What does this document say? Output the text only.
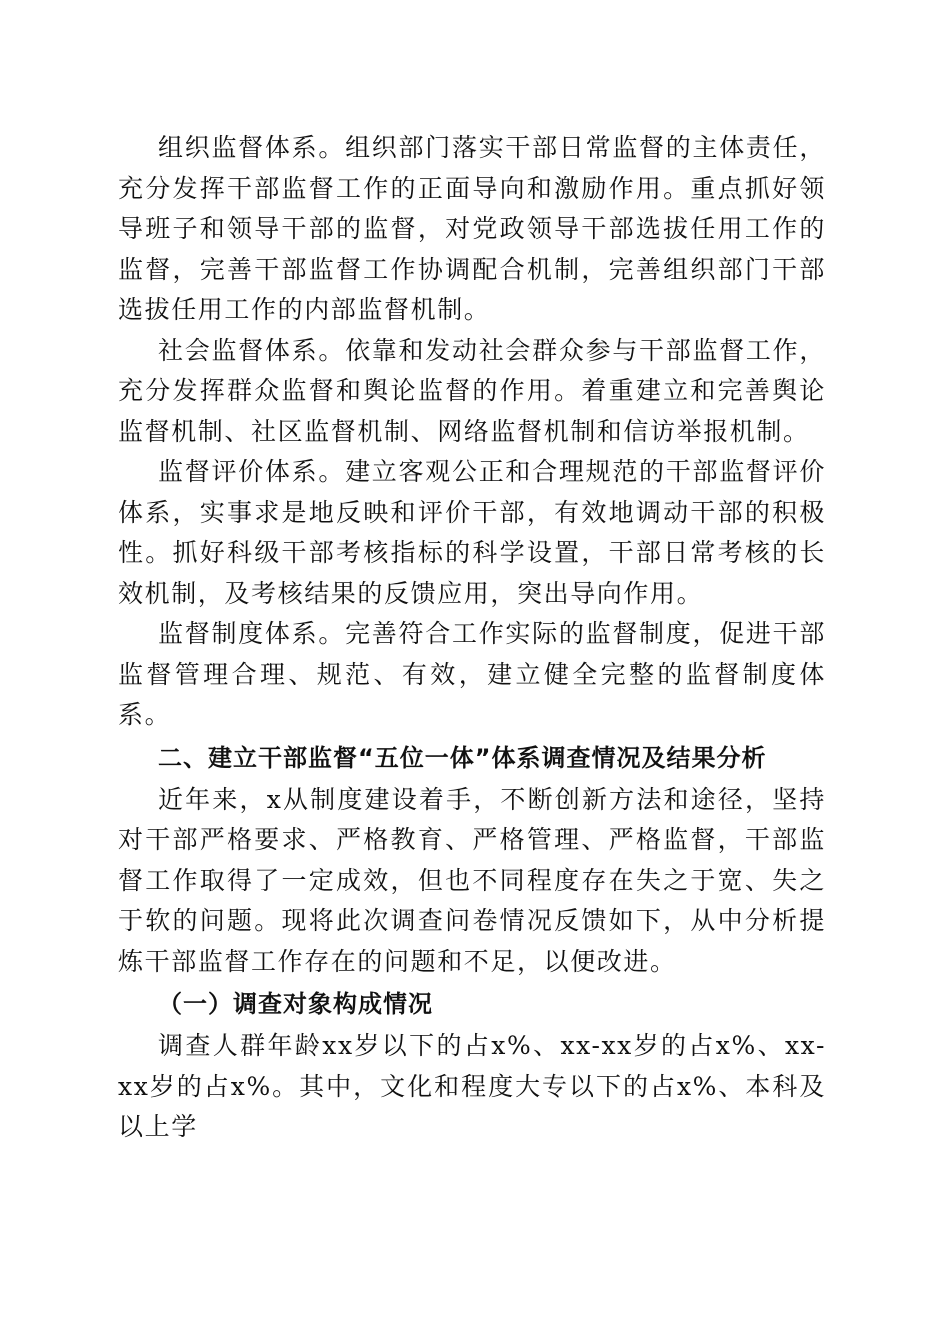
组织监督体系。组织部门落实干部日常监督的主体责任，充分发挥干部监督工作的正面导向和激励作用。重点抓好领导班子和领导干部的监督，对党政领导干部选拔任用工作的监督，完善干部监督工作协调配合机制，完善组织部门干部选拔任用工作的内部监督机制。

社会监督体系。依靠和发动社会群众参与干部监督工作，充分发挥群众监督和舆论监督的作用。着重建立和完善舆论监督机制、社区监督机制、网络监督机制和信访举报机制。

监督评价体系。建立客观公正和合理规范的干部监督评价体系，实事求是地反映和评价干部，有效地调动干部的积极性。抓好科级干部考核指标的科学设置，干部日常考核的长效机制，及考核结果的反馈应用，突出导向作用。

监督制度体系。完善符合工作实际的监督制度，促进干部监督管理合理、规范、有效，建立健全完整的监督制度体系。

二、建立干部监督“五位一体”体系调查情况及结果分析

近年来，x从制度建设着手，不断创新方法和途径，坚持对干部严格要求、严格教育、严格管理、严格监督，干部监督工作取得了一定成效，但也不同程度存在失之于宽、失之于软的问题。现将此次调查问卷情况反馈如下，从中分析提炼干部监督工作存在的问题和不足，以便改进。

（一）调查对象构成情况

调查人群年龄xx岁以下的占x%、xx-xx岁的占x%、xx-xx岁的占x%。其中，文化和程度大专以下的占x%、本科及以上学
